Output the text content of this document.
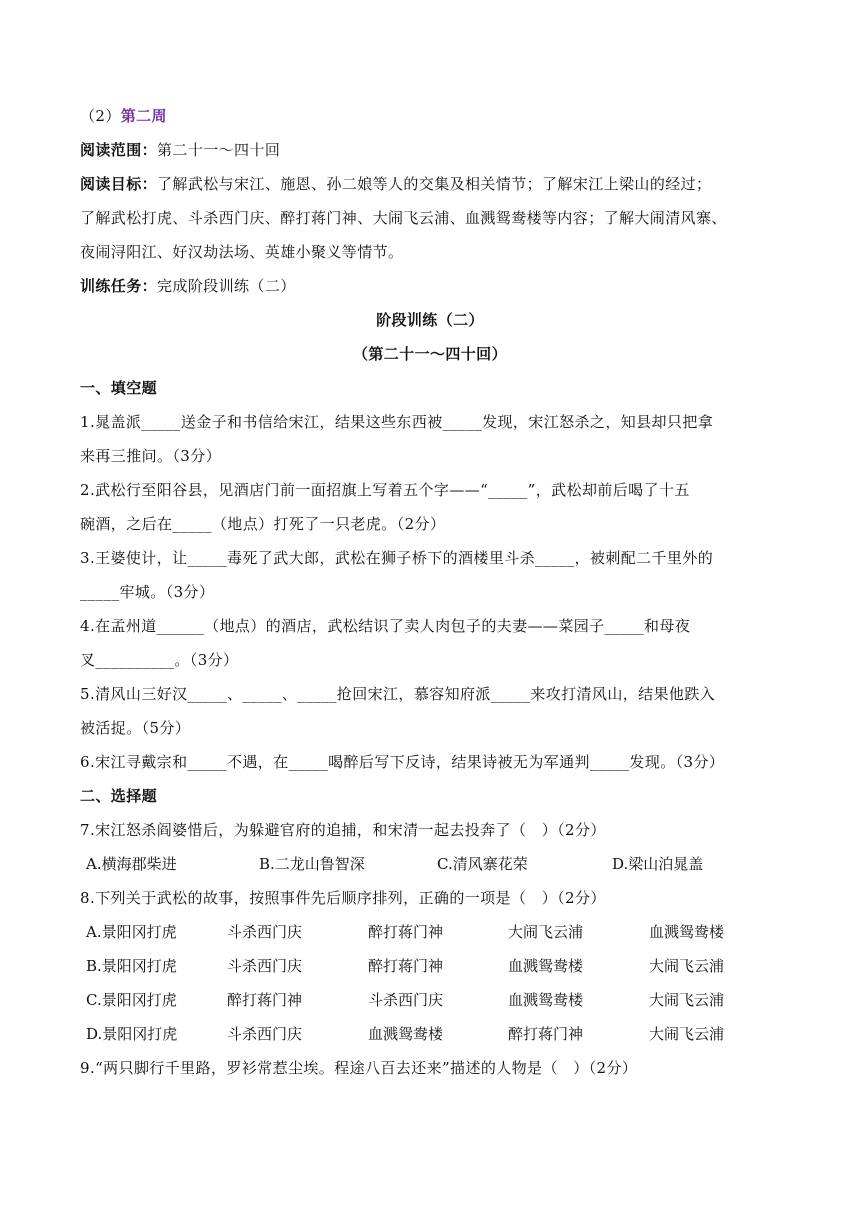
（2）第二周
阅读范围：第二十一～四十回
阅读目标：了解武松与宋江、施恩、孙二娘等人的交集及相关情节；了解宋江上梁山的经过；
了解武松打虎、斗杀西门庆、醉打蒋门神、大闹飞云浦、血溅鸳鸯楼等内容；了解大闹清风寨、
夜闹浔阳江、好汉劫法场、英雄小聚义等情节。
训练任务：完成阶段训练（二）
阶段训练（二）
（第二十一～四十回）
一、填空题
1.晁盖派_____送金子和书信给宋江，结果这些东西被_____发现，宋江怒杀之，知县却只把拿
来再三推问。（3分）
2.武松行至阳谷县，见酒店门前一面招旗上写着五个字——“_____”，武松却前后喝了十五
碗酒，之后在_____（地点）打死了一只老虎。（2分）
3.王婆使计，让_____毒死了武大郎，武松在狮子桥下的酒楼里斗杀_____，被刺配二千里外的
_____牢城。（3分）
4.在孟州道______（地点）的酒店，武松结识了卖人肉包子的夫妻——菜园子_____和母夜
叉__________。（3分）
5.清风山三好汉_____、_____、_____抢回宋江，慕容知府派_____来攻打清风山，结果他跌入
被活捉。（5分）
6.宋江寻戴宗和_____不遇，在_____喝醉后写下反诗，结果诗被无为军通判_____发现。（3分）
二、选择题
7.宋江怒杀阎婆惜后，为躲避官府的追捕，和宋清一起去投奔了（　）（2分）
A.横海郡柴进	B.二龙山鲁智深	C.清风寨花荣	D.梁山泊晁盖
8.下列关于武松的故事，按照事件先后顺序排列，正确的一项是（　）（2分）
A.景阳冈打虎	斗杀西门庆	醉打蒋门神	大闹飞云浦	血溅鸳鸯楼
B.景阳冈打虎	斗杀西门庆	醉打蒋门神	血溅鸳鸯楼	大闹飞云浦
C.景阳冈打虎	醉打蒋门神	斗杀西门庆	血溅鸳鸯楼	大闹飞云浦
D.景阳冈打虎	斗杀西门庆	血溅鸳鸯楼	醉打蒋门神	大闹飞云浦
9.“两只脚行千里路，罗衫常惹尘埃。程途八百去还来”描述的人物是（　）（2分）
